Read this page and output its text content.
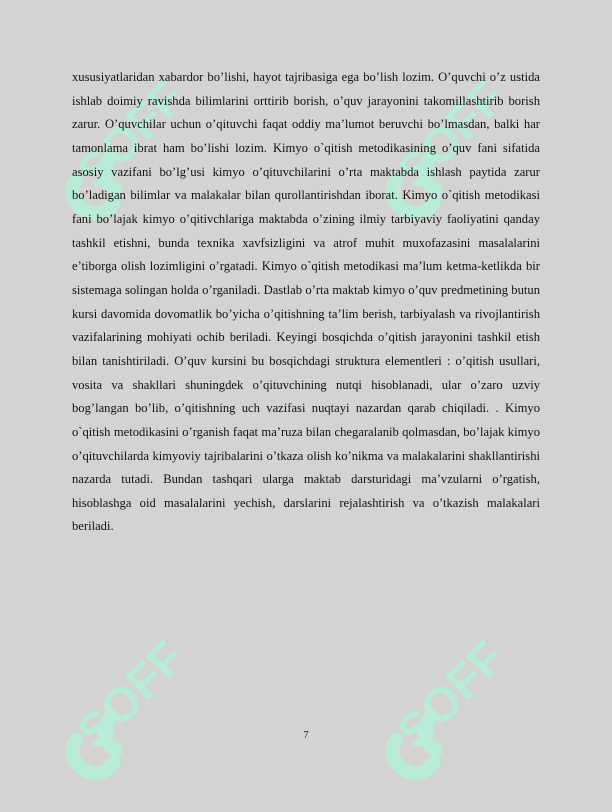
SOFF	SOFF
SOFF	SOFF

xususiyatlaridan xabardor bo’lishi, hayot tajribasiga ega bo’lish lozim. O’quvchi o’z ustida ishlab doimiy ravishda bilimlarini orttirib borish, o’quv jarayonini takomillashtirib borish zarur. O’quvchilar uchun o’qituvchi faqat oddiy ma’lumot beruvchi bo’lmasdan, balki har tamonlama ibrat ham bo’lishi lozim. Kimyo o`qitish metodikasining o’quv fani sifatida asosiy vazifani bo’lg’usi kimyo o’qituvchilarini o’rta maktabda ishlash paytida zarur bo’ladigan bilimlar va malakalar bilan qurollantirishdan iborat. Kimyo o`qitish metodikasi fani bo’lajak kimyo o’qitivchlariga maktabda o’zining ilmiy tarbiyaviy faoliyatini qanday tashkil etishni, bunda texnika xavfsizligini va atrof muhit muxofazasini masalalarini e’tiborga olish lozimligini o’rgatadi. Kimyo o`qitish metodikasi ma’lum ketma-ketlikda bir sistemaga solingan holda o’rganiladi. Dastlab o’rta maktab kimyo o’quv predmetining butun kursi davomida dovomatlik bo’yicha o’qitishning ta’lim berish, tarbiyalash va rivojlantirish vazifalarining mohiyati ochib beriladi. Keyingi bosqichda o’qitish jarayonini tashkil etish bilan tanishtiriladi. O’quv kursini bu bosqichdagi struktura elementleri : o’qitish usullari, vosita va shakllari shuningdek o’qituvchining nutqi hisoblanadi, ular o’zaro uzviy bog’langan bo’lib, o’qitishning uch vazifasi nuqtayi nazardan qarab chiqiladi. . Kimyo o`qitish metodikasini o’rganish faqat ma’ruza bilan chegaralanib qolmasdan, bo’lajak kimyo o’qituvchilarda kimyoviy tajribalarini o’tkaza olish ko’nikma va malakalarini shakllantirishi nazarda tutadi. Bundan tashqari ularga maktab darsturidagi ma’vzularni o’rgatish, hisoblashga oid masalalarini yechish, darslarini rejalashtirish va o’tkazish malakalari beriladi.

7
